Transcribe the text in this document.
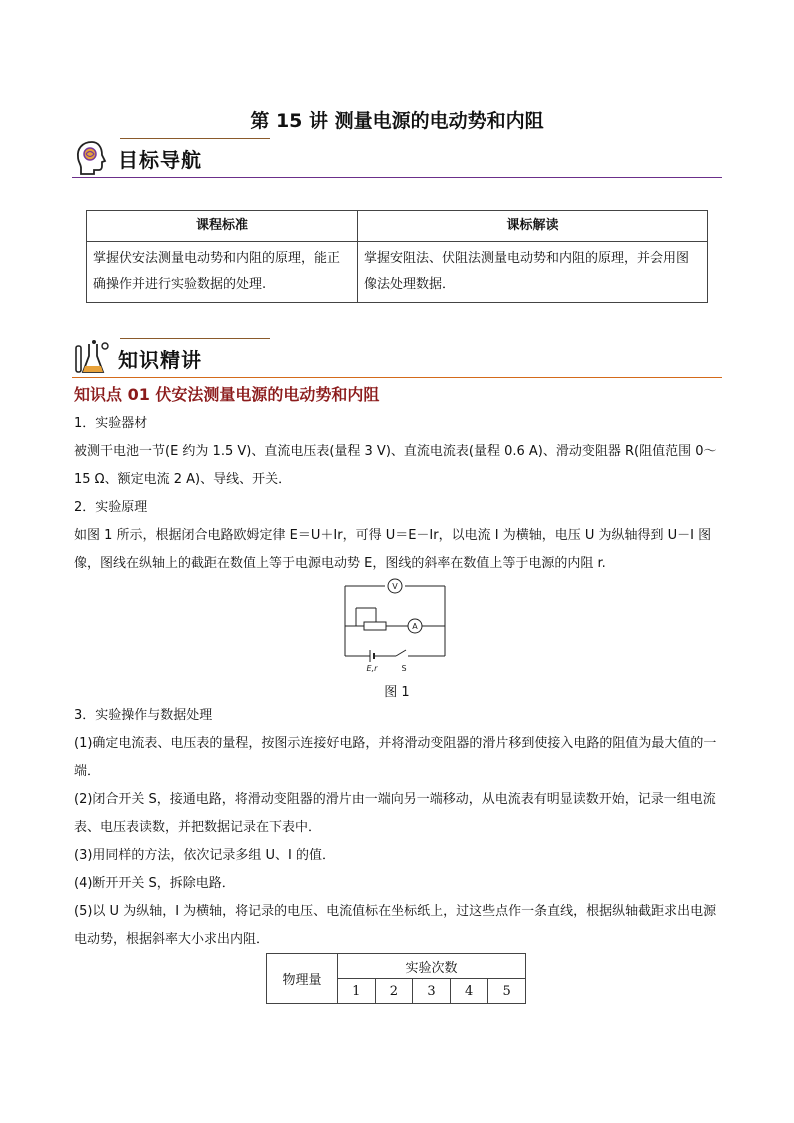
第 15 讲 测量电源的电动势和内阻
目标导航
课程标准	课标解读
掌握伏安法测量电动势和内阻的原理，能正确操作并进行实验数据的处理.	掌握安阻法、伏阻法测量电动势和内阻的原理，并会用图像法处理数据．
知识精讲
知识点 01 伏安法测量电源的电动势和内阻

1．实验器材

被测干电池一节(E 约为 1.5 V)、直流电压表(量程 3 V)、直流电流表(量程 0.6 A)、滑动变阻器 R(阻值范围 0～15 Ω、额定电流 2 A)、导线、开关．

2．实验原理

如图 1 所示，根据闭合电路欧姆定律 E＝U＋Ir，可得 U＝E－Ir，以电流 I 为横轴，电压 U 为纵轴得到 U－I 图像，图线在纵轴上的截距在数值上等于电源电动势 E，图线的斜率在数值上等于电源的内阻 r.

V
A
E,r	S
图 1

3．实验操作与数据处理

(1)确定电流表、电压表的量程，按图示连接好电路，并将滑动变阻器的滑片移到使接入电路的阻值为最大值的一端．

(2)闭合开关 S，接通电路，将滑动变阻器的滑片由一端向另一端移动，从电流表有明显读数开始，记录一组电流表、电压表读数，并把数据记录在下表中．

(3)用同样的方法，依次记录多组 U、I 的值．

(4)断开开关 S，拆除电路．

(5)以 U 为纵轴，I 为横轴，将记录的电压、电流值标在坐标纸上，过这些点作一条直线，根据纵轴截距求出电源电动势，根据斜率大小求出内阻．

物理量	实验次数				
	1	2	3	4	5
